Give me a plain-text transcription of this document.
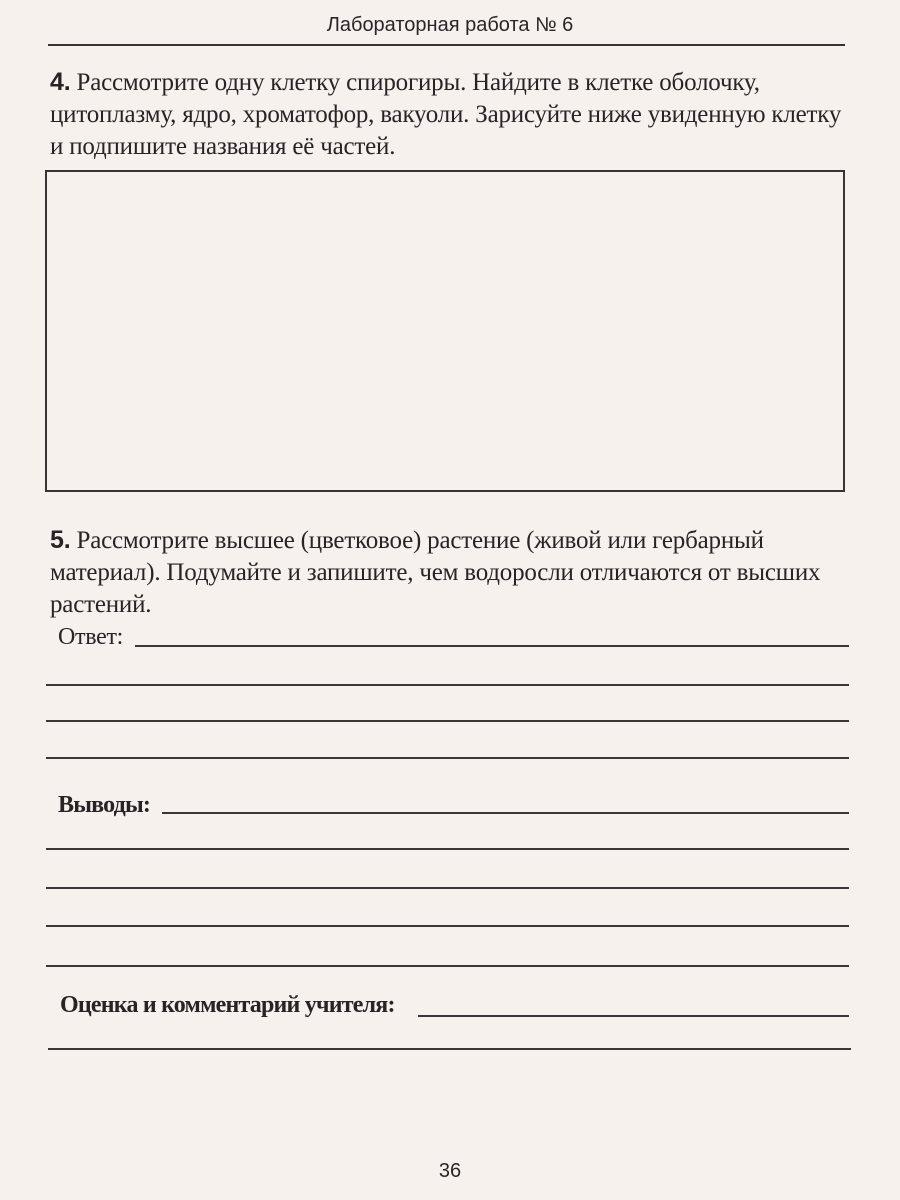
Лабораторная работа № 6
4. Рассмотрите одну клетку спирогиры. Найдите в клетке оболочку, цитоплазму, ядро, хроматофор, вакуоли. Зарисуйте ниже увиденную клетку и подпишите названия её частей.
5. Рассмотрите высшее (цветковое) растение (живой или гербарный материал). Подумайте и запишите, чем водоросли отличаются от высших растений.
Ответ:
Выводы:
Оценка и комментарий учителя:
36
